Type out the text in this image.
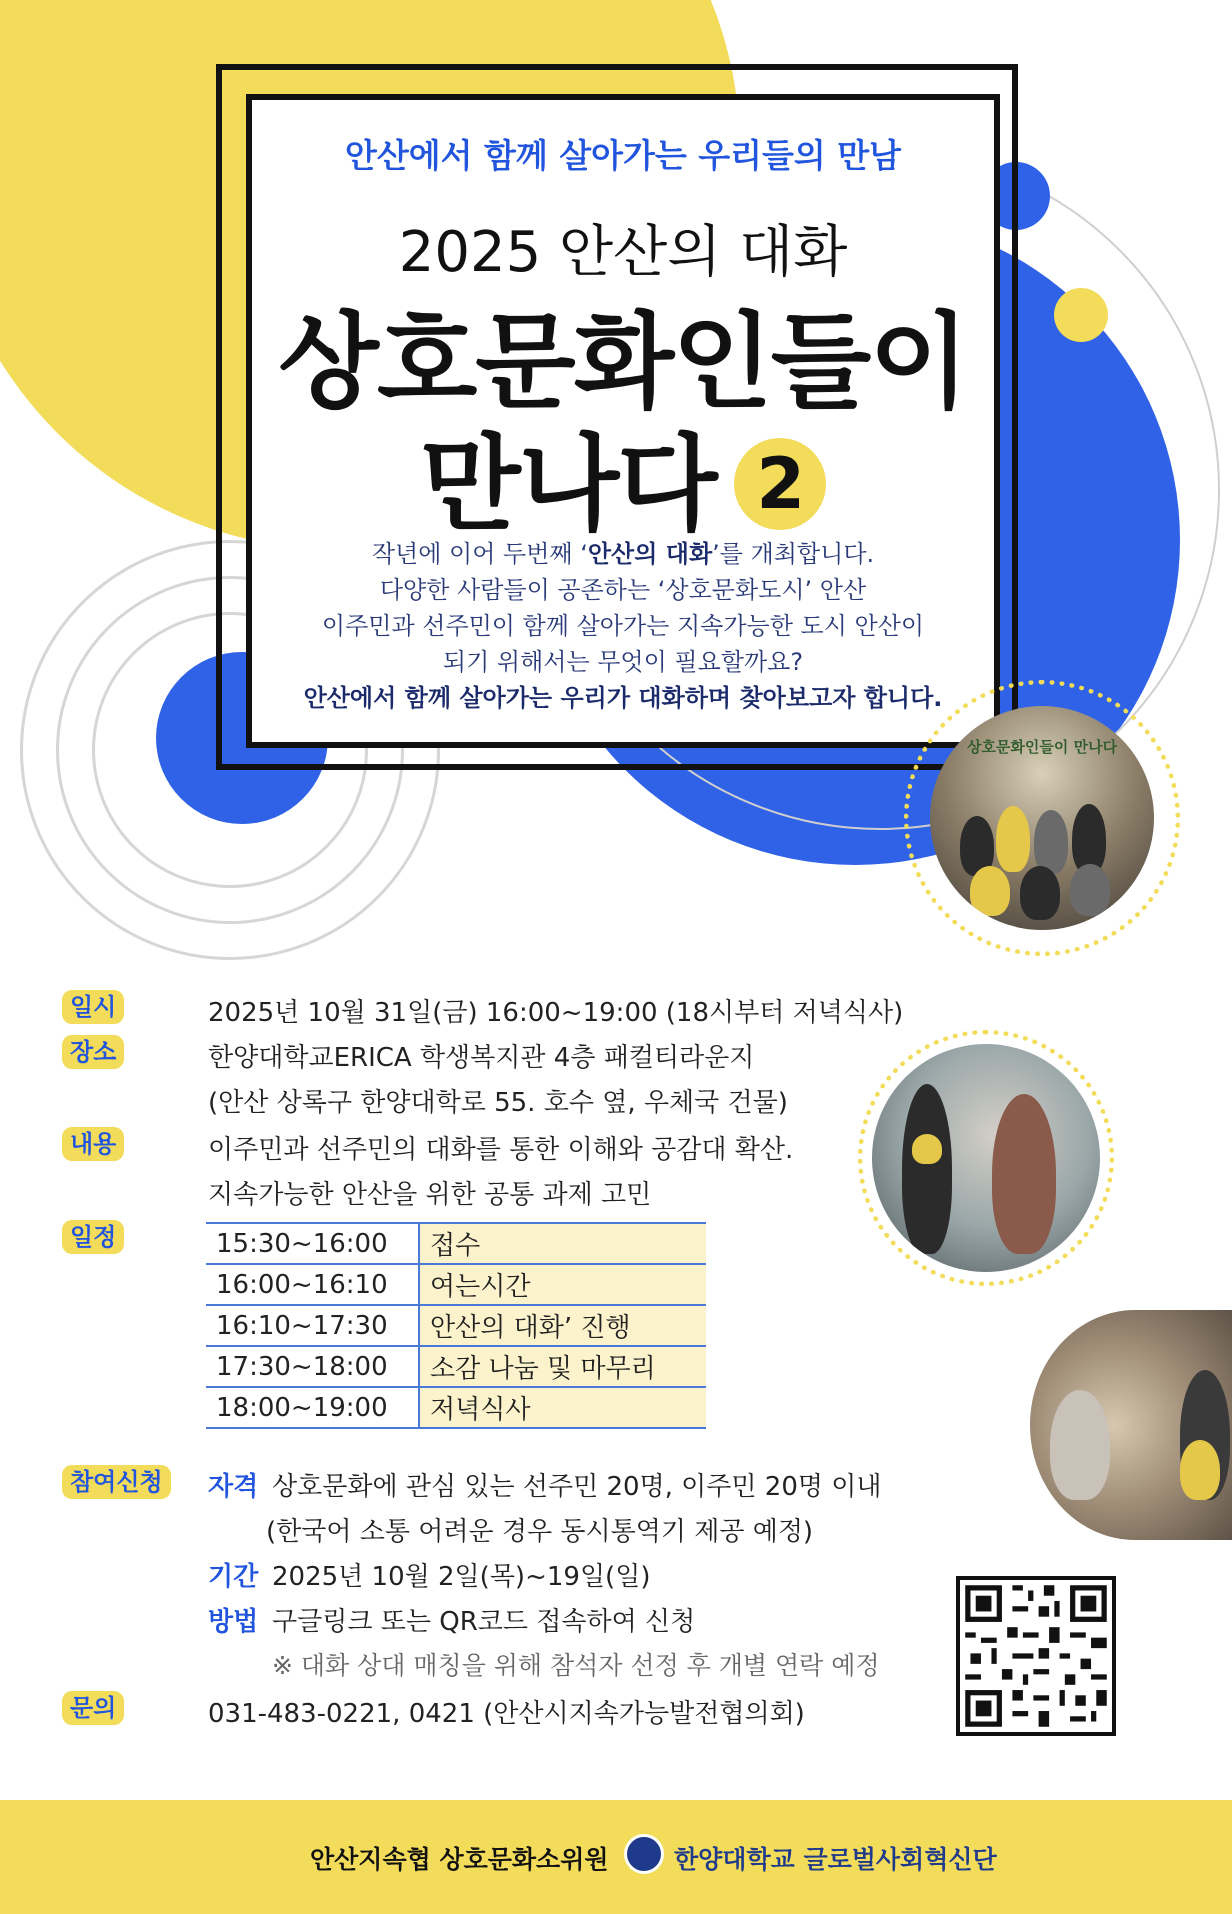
안산에서 함께 살아가는 우리들의 만남
2025 안산의 대화
상호문화인들이
만나다 2
작년에 이어 두번째 ‘안산의 대화’를 개최합니다.
다양한 사람들이 공존하는 ‘상호문화도시’ 안산
이주민과 선주민이 함께 살아가는 지속가능한 도시 안산이
되기 위해서는 무엇이 필요할까요?
안산에서 함께 살아가는 우리가 대화하며 찾아보고자 합니다.
상호문화인들이 만나다
일시	2025년 10월 31일(금) 16:00~19:00 (18시부터 저녁식사)
장소	한양대학교ERICA 학생복지관 4층 패컬티라운지
(안산 상록구 한양대학로 55. 호수 옆, 우체국 건물)
내용	이주민과 선주민의 대화를 통한 이해와 공감대 확산.
지속가능한 안산을 위한 공통 과제 고민
일정	15:30~16:00	접수
16:00~16:10	여는시간
16:10~17:30	안산의 대화’ 진행
17:30~18:00	소감 나눔 및 마무리
18:00~19:00	저녁식사
참여신청	자격 상호문화에 관심 있는 선주민 20명, 이주민 20명 이내
(한국어 소통 어려운 경우 동시통역기 제공 예정)
기간 2025년 10월 2일(목)~19일(일)
방법 구글링크 또는 QR코드 접속하여 신청
※ 대화 상대 매칭을 위해 참석자 선정 후 개별 연락 예정
문의	031-483-0221, 0421 (안산시지속가능발전협의회)
안산지속협 상호문화소위원	한양대학교 글로벌사회혁신단
